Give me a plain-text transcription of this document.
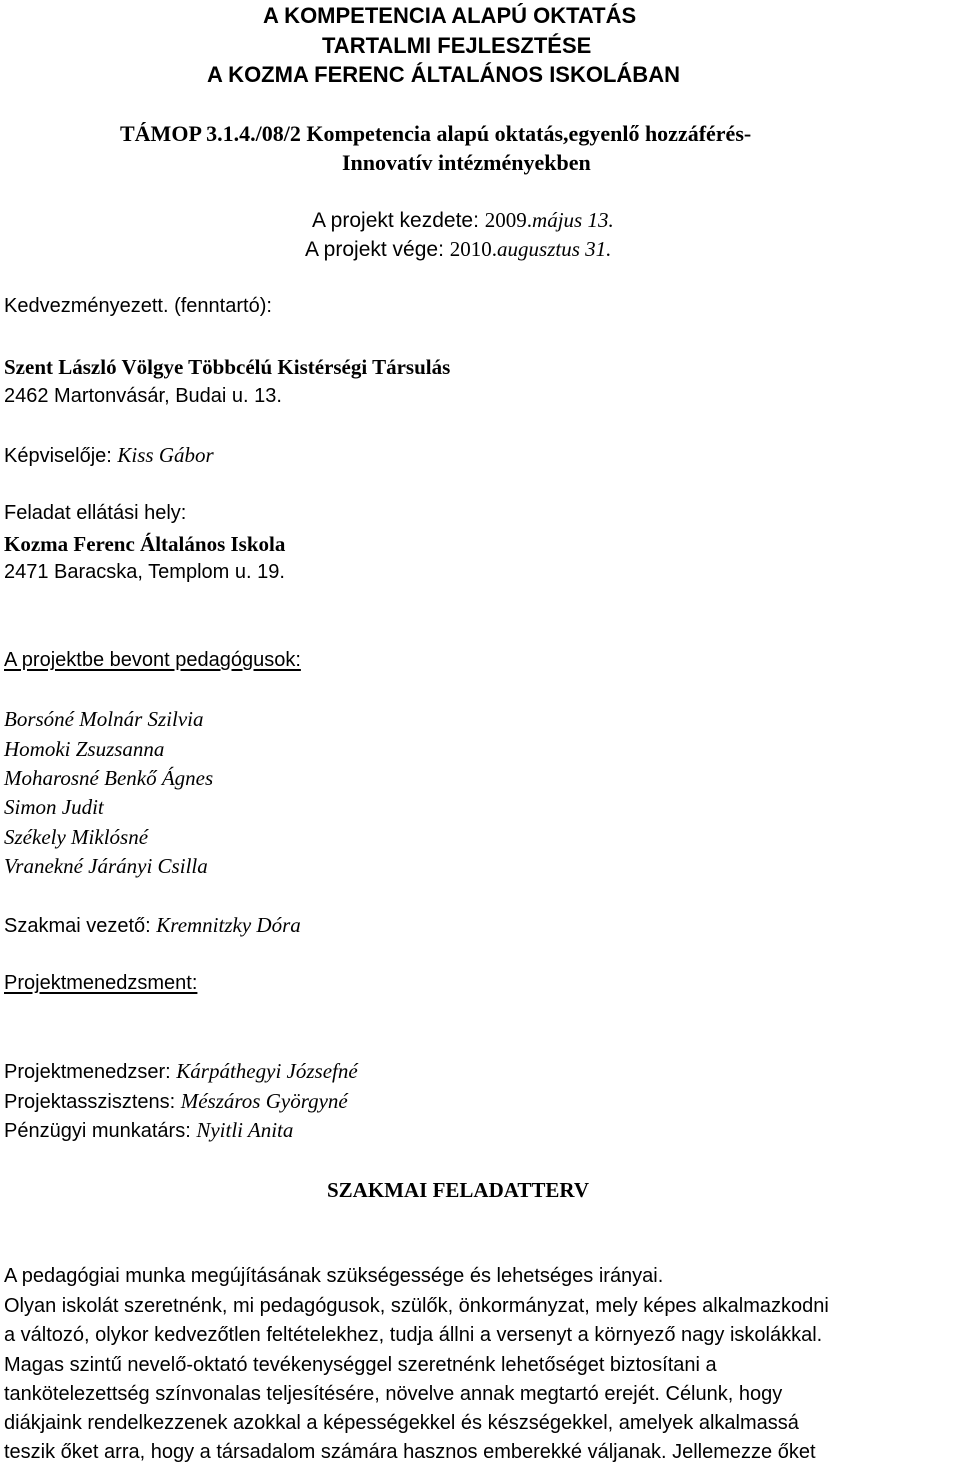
A KOMPETENCIA ALAPÚ OKTATÁS
TARTALMI FEJLESZTÉSE
A KOZMA FERENC ÁLTALÁNOS ISKOLÁBAN
TÁMOP 3.1.4./08/2 Kompetencia alapú oktatás,egyenlő hozzáférés-
Innovatív intézményekben
A projekt kezdete: 2009.május 13.
A projekt vége: 2010.augusztus 31.
Kedvezményezett. (fenntartó):
Szent László Völgye Többcélú Kistérségi Társulás
2462 Martonvásár, Budai u. 13.
Képviselője: Kiss Gábor
Feladat ellátási hely:
Kozma Ferenc Általános Iskola
2471 Baracska, Templom u. 19.
A projektbe bevont pedagógusok:
Borsóné Molnár Szilvia
Homoki Zsuzsanna
Moharosné Benkő Ágnes
Simon Judit
Székely Miklósné
Vranekné Járányi Csilla
Szakmai vezető: Kremnitzky Dóra
Projektmenedzsment:
Projektmenedzser: Kárpáthegyi Józsefné
Projektasszisztens: Mészáros Györgyné
Pénzügyi munkatárs: Nyitli Anita
SZAKMAI FELADATTERV
A pedagógiai munka megújításának szükségessége és lehetséges irányai.
Olyan iskolát szeretnénk, mi pedagógusok, szülők, önkormányzat, mely képes alkalmazkodni
a változó, olykor kedvezőtlen feltételekhez, tudja állni a versenyt a környező nagy iskolákkal.
Magas szintű nevelő-oktató tevékenységgel szeretnénk lehetőséget biztosítani a
tankötelezettség színvonalas teljesítésére, növelve annak megtartó erejét. Célunk, hogy
diákjaink rendelkezzenek azokkal a képességekkel és készségekkel, amelyek alkalmassá
teszik őket arra, hogy a társadalom számára hasznos emberekké váljanak. Jellemezze őket
